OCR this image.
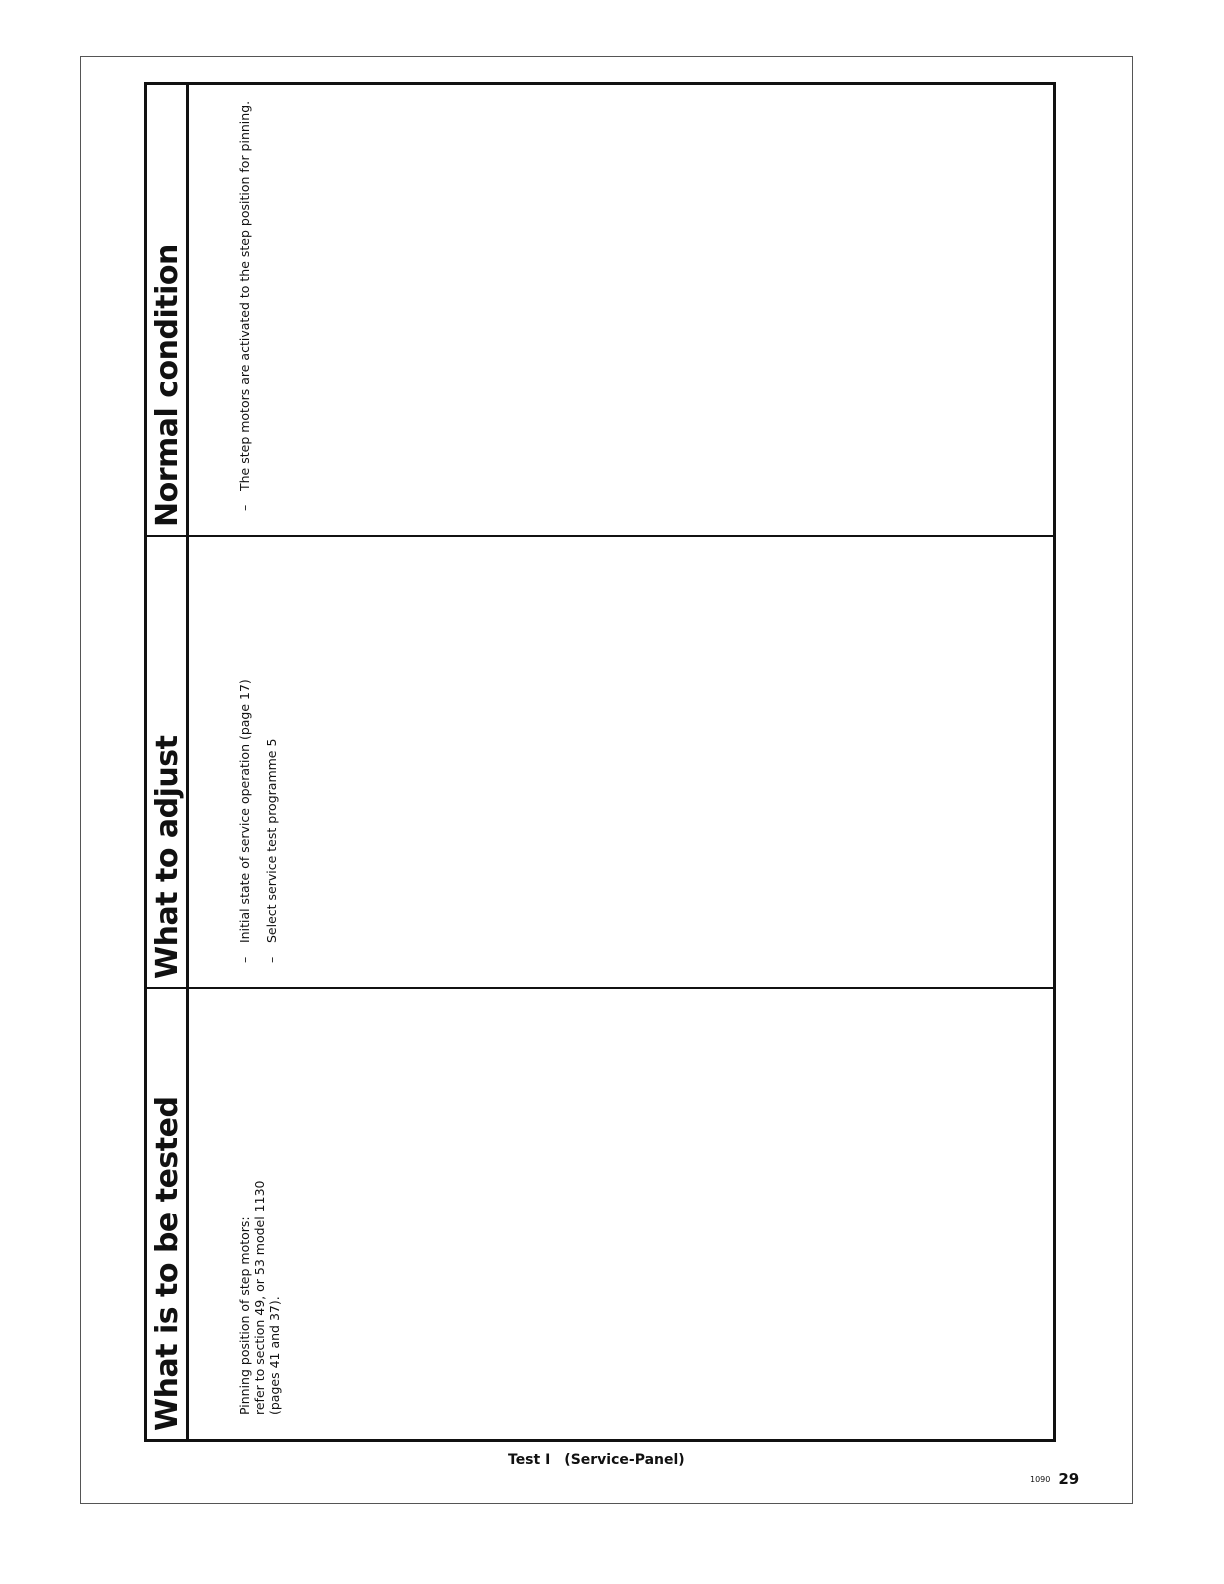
What is to be tested	Pinning position of step motors:
refer to section 49, or 53 model 1130
(pages 41 and 37).
What to adjust	–
Initial state of service operation (page 17)
–
Select service test programme 5
Normal condition	–
The step motors are activated to the step position for pinning.
Test I (Service-Panel)
1090 29
